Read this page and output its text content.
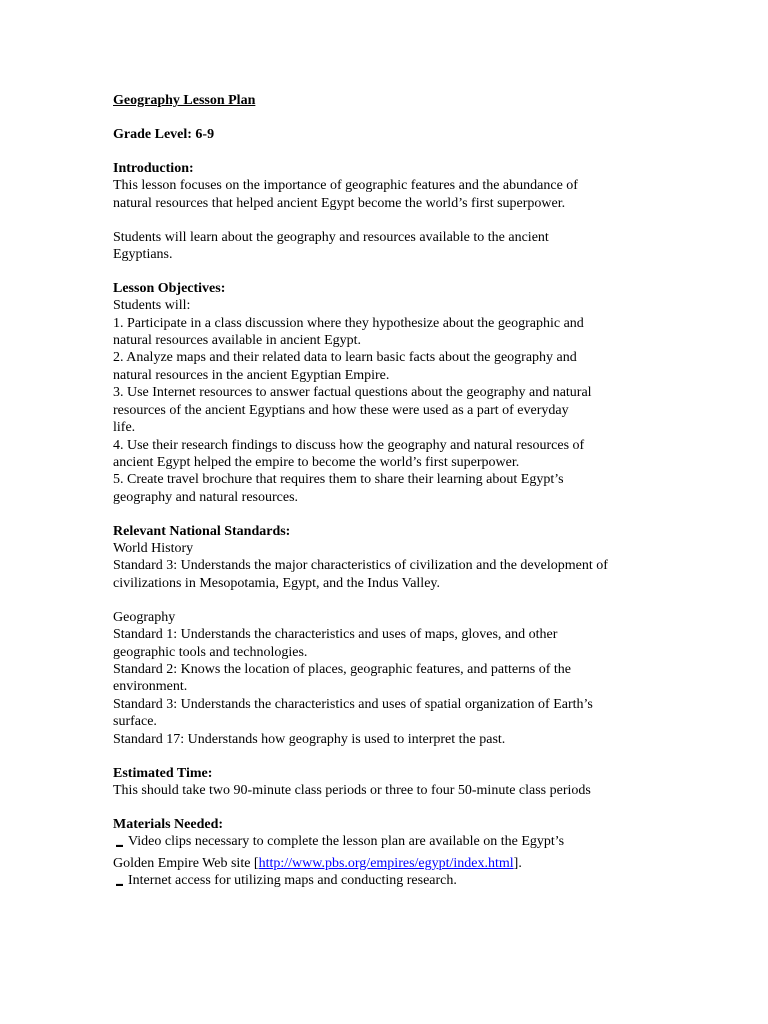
Geography Lesson Plan

Grade Level: 6-9

Introduction:

This lesson focuses on the importance of geographic features and the abundance of

natural resources that helped ancient Egypt become the world’s first superpower.

Students will learn about the geography and resources available to the ancient

Egyptians.

Lesson Objectives:

Students will:

1. Participate in a class discussion where they hypothesize about the geographic and

natural resources available in ancient Egypt.

2. Analyze maps and their related data to learn basic facts about the geography and

natural resources in the ancient Egyptian Empire.

3. Use Internet resources to answer factual questions about the geography and natural

resources of the ancient Egyptians and how these were used as a part of everyday

life.

4. Use their research findings to discuss how the geography and natural resources of

ancient Egypt helped the empire to become the world’s first superpower.

5. Create travel brochure that requires them to share their learning about Egypt’s

geography and natural resources.

Relevant National Standards:

World History

Standard 3: Understands the major characteristics of civilization and the development of

civilizations in Mesopotamia, Egypt, and the Indus Valley.

Geography

Standard 1: Understands the characteristics and uses of maps, gloves, and other

geographic tools and technologies.

Standard 2: Knows the location of places, geographic features, and patterns of the

environment.

Standard 3: Understands the characteristics and uses of spatial organization of Earth’s

surface.

Standard 17: Understands how geography is used to interpret the past.

Estimated Time:

This should take two 90-minute class periods or three to four 50-minute class periods

Materials Needed:

▬ Video clips necessary to complete the lesson plan are available on the Egypt’s

Golden Empire Web site [http://www.pbs.org/empires/egypt/index.html].

▬ Internet access for utilizing maps and conducting research.
